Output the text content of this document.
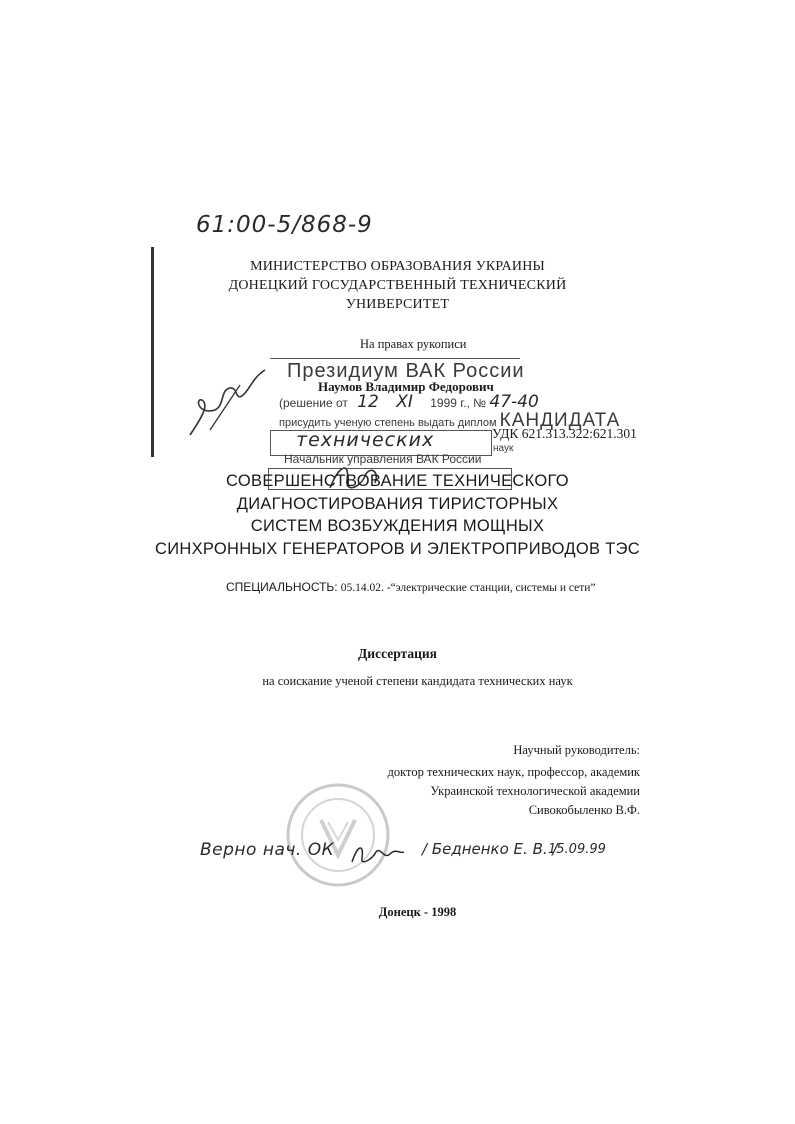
61:00-5/868-9
МИНИСТЕРСТВО ОБРАЗОВАНИЯ УКРАИНЫ
ДОНЕЦКИЙ ГОСУДАРСТВЕННЫЙ ТЕХНИЧЕСКИЙ
УНИВЕРСИТЕТ
На правах рукописи
Президиум ВАК России
Наумов Владимир Федорович
(решение от 12 XI 1999 г., № 47-40
присудить ученую степень выдать диплом КАНДИДАТА
технических	наук
УДК 621.313.322:621.301
Начальник управления ВАК России
СОВЕРШЕНСТВОВАНИЕ ТЕХНИЧЕСКОГО
ДИАГНОСТИРОВАНИЯ ТИРИСТОРНЫХ
СИСТЕМ ВОЗБУЖДЕНИЯ МОЩНЫХ
СИНХРОННЫХ ГЕНЕРАТОРОВ И ЭЛЕКТРОПРИВОДОВ ТЭС
СПЕЦИАЛЬНОСТЬ: 05.14.02. -“электрические станции, системы и сети”
Диссертация
на соискание ученой степени кандидата технических наук
Научный руководитель:
доктор технических наук, профессор, академик
Украинской технологической академии
Сивокобыленко В.Ф.
Верно нач. ОК	/ Бедненко Е. В. /
15.09.99
Донецк - 1998
